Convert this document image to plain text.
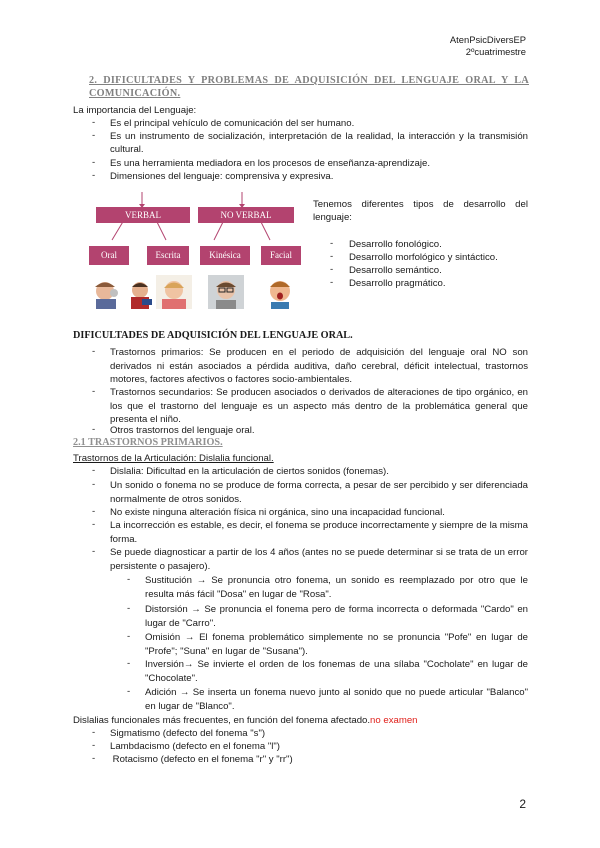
AtenPsicDiversEP
2ºcuatrimestre
2. DIFICULTADES Y PROBLEMAS DE ADQUISICIÓN DEL LENGUAJE ORAL Y LA COMUNICACIÓN.
La importancia del Lenguaje:
- Es el principal vehículo de comunicación del ser humano.
- Es un instrumento de socialización, interpretación de la realidad, la interacción y la transmisión cultural.
- Es una herramienta mediadora en los procesos de enseñanza-aprendizaje.
- Dimensiones del lenguaje: comprensiva y expresiva.
VERBAL	NO VERBAL
Oral	Escrita	Kinésica	Facial
Tenemos diferentes tipos de desarrollo del lenguaje:
- Desarrollo fonológico.
- Desarrollo morfológico y sintáctico.
- Desarrollo semántico.
- Desarrollo pragmático.
DIFICULTADES DE ADQUISICIÓN DEL LENGUAJE ORAL.
- Trastornos primarios: Se producen en el periodo de adquisición del lenguaje oral NO son derivados ni están asociados a pérdida auditiva, daño cerebral, déficit intelectual, trastornos motores, factores afectivos o factores socio-ambientales.
- Trastornos secundarios: Se producen asociados o derivados de alteraciones de tipo orgánico, en los que el trastorno del lenguaje es un aspecto más dentro de la problemática general que presenta el niño.
- Otros trastornos del lenguaje oral.
2.1 TRASTORNOS PRIMARIOS.
Trastornos de la Articulación: Dislalia funcional.
- Dislalia: Dificultad en la articulación de ciertos sonidos (fonemas).
- Un sonido o fonema no se produce de forma correcta, a pesar de ser percibido y ser diferenciada normalmente de otros sonidos.
- No existe ninguna alteración física ni orgánica, sino una incapacidad funcional.
- La incorrección es estable, es decir, el fonema se produce incorrectamente y siempre de la misma forma.
- Se puede diagnosticar a partir de los 4 años (antes no se puede determinar si se trata de un error persistente o pasajero).
- Sustitución → Se pronuncia otro fonema, un sonido es reemplazado por otro que le resulta más fácil "Dosa" en lugar de "Rosa".
- Distorsión → Se pronuncia el fonema pero de forma incorrecta o deformada "Cardo" en lugar de "Carro".
- Omisión → El fonema problemático simplemente no se pronuncia "Pofe" en lugar de "Profe"; "Suna" en lugar de "Susana").
- Inversión→ Se invierte el orden de los fonemas de una sílaba "Cocholate" en lugar de "Chocolate".
- Adición → Se inserta un fonema nuevo junto al sonido que no puede articular "Balanco" en lugar de "Blanco".
Dislalias funcionales más frecuentes, en función del fonema afectado.no examen
- Sigmatismo (defecto del fonema "s")
- Lambdacismo (defecto en el fonema "l")
- Rotacismo (defecto en el fonema "r" y "rr")
2
